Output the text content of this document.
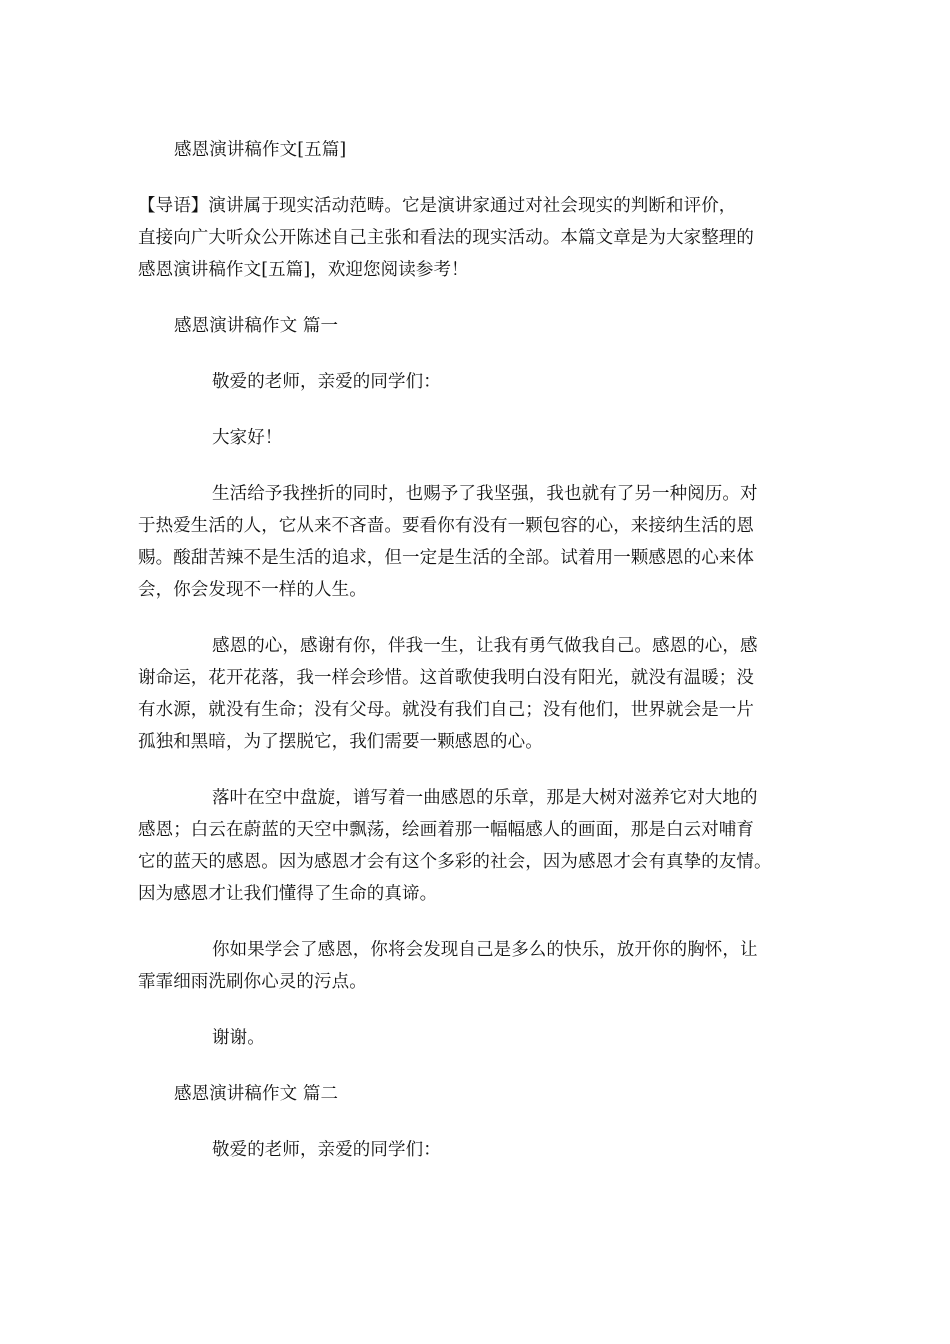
感恩演讲稿作文[五篇]
【导语】演讲属于现实活动范畴。它是演讲家通过对社会现实的判断和评价，
直接向广大听众公开陈述自己主张和看法的现实活动。本篇文章是为大家整理的
感恩演讲稿作文[五篇]，欢迎您阅读参考！
感恩演讲稿作文 篇一
敬爱的老师，亲爱的同学们：
大家好！
生活给予我挫折的同时，也赐予了我坚强，我也就有了另一种阅历。对
于热爱生活的人，它从来不吝啬。要看你有没有一颗包容的心，来接纳生活的恩
赐。酸甜苦辣不是生活的追求，但一定是生活的全部。试着用一颗感恩的心来体
会，你会发现不一样的人生。
感恩的心，感谢有你，伴我一生，让我有勇气做我自己。感恩的心，感
谢命运，花开花落，我一样会珍惜。这首歌使我明白没有阳光，就没有温暖；没
有水源，就没有生命；没有父母。就没有我们自己；没有他们，世界就会是一片
孤独和黑暗，为了摆脱它，我们需要一颗感恩的心。
落叶在空中盘旋，谱写着一曲感恩的乐章，那是大树对滋养它对大地的
感恩；白云在蔚蓝的天空中飘荡，绘画着那一幅幅感人的画面，那是白云对哺育
它的蓝天的感恩。因为感恩才会有这个多彩的社会，因为感恩才会有真挚的友情。
因为感恩才让我们懂得了生命的真谛。
你如果学会了感恩，你将会发现自己是多么的快乐，放开你的胸怀，让
霏霏细雨洗刷你心灵的污点。
谢谢。
感恩演讲稿作文 篇二
敬爱的老师，亲爱的同学们：
